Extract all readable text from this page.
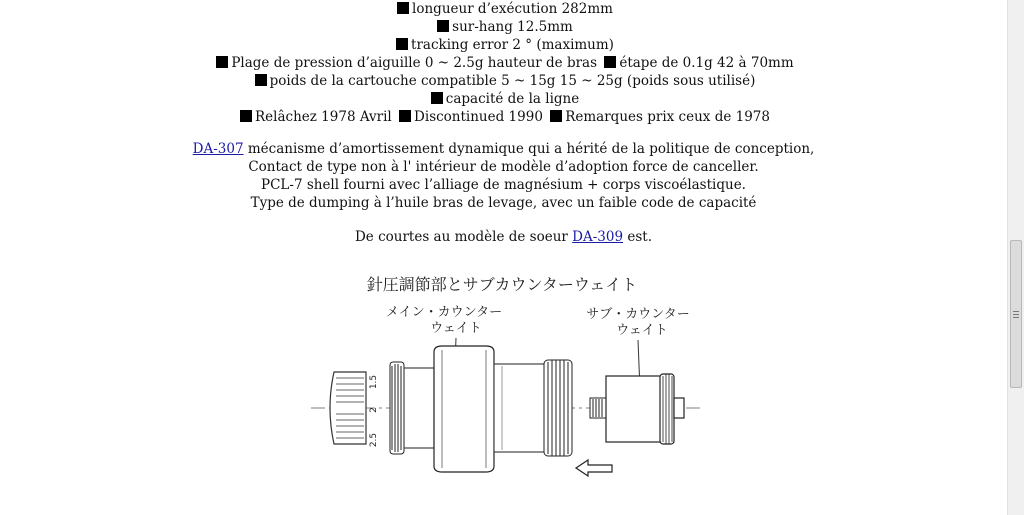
longueur d’exécution 282mm
sur-hang 12.5mm
tracking error 2 ° (maximum)
Plage de pression d’aiguille 0 ~ 2.5g hauteur de bras étape de 0.1g 42 à 70mm
poids de la cartouche compatible 5 ~ 15g 15 ~ 25g (poids sous utilisé)
capacité de la ligne
Relâchez 1978 Avril Discontinued 1990 Remarques prix ceux de 1978
DA-307 mécanisme d’amortissement dynamique qui a hérité de la politique de conception,
Contact de type non à l' intérieur de modèle d’adoption force de canceller.
PCL-7 shell fourni avec l’alliage de magnésium + corps viscoélastique.
Type de dumping à l’huile bras de levage, avec un faible code de capacité
De courtes au modèle de soeur DA-309 est.
針圧調節部とサブカウンターウェイト
メイン・カウンター
ウェイト
サブ・カウンター
ウェイト
1.5
2
2.5
